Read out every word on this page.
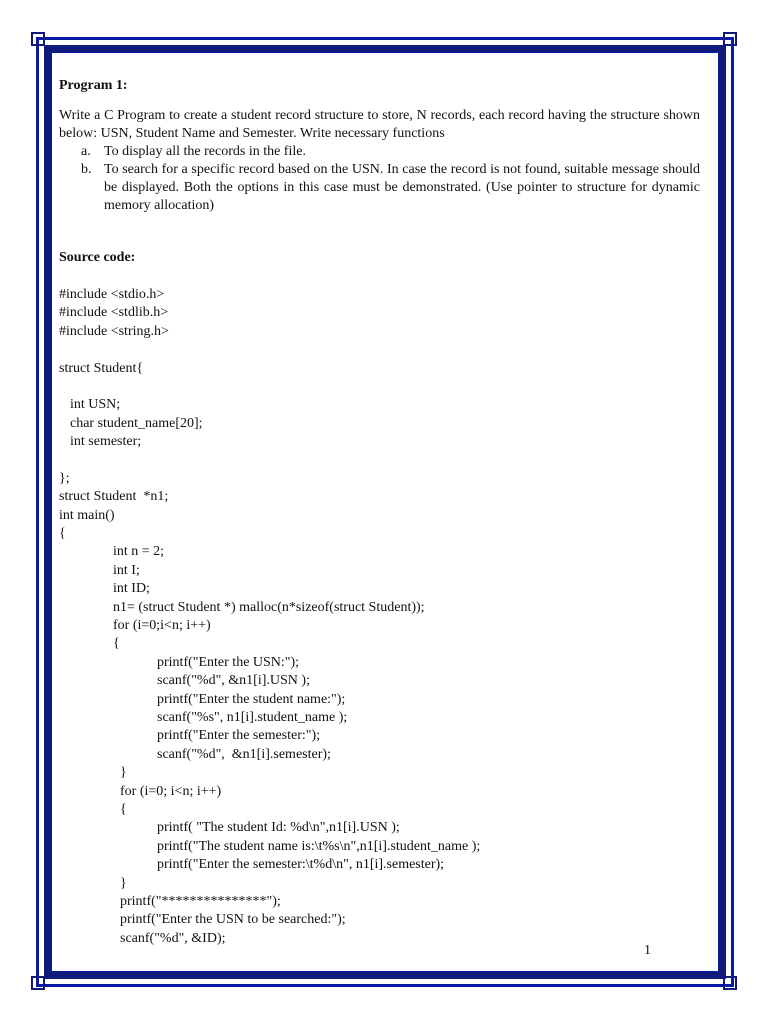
Program 1:

Write a C Program to create a student record structure to store, N records, each record having the structure shown below: USN, Student Name and Semester. Write necessary functions

a. To display all the records in the file.
b. To search for a specific record based on the USN. In case the record is not found, suitable message should be displayed. Both the options in this case must be demonstrated. (Use pointer to structure for dynamic memory allocation)

Source code:

#include <stdio.h>
#include <stdlib.h>
#include <string.h>
struct Student{
int USN;
char student_name[20];
int semester;
};
struct Student  *n1;
int main()
{
int n = 2;
int I;
int ID;
n1= (struct Student *) malloc(n*sizeof(struct Student));
for (i=0;i<n; i++)
{
printf("Enter the USN:");
scanf("%d", &n1[i].USN );
printf("Enter the student name:");
scanf("%s", n1[i].student_name );
printf("Enter the semester:");
scanf("%d",  &n1[i].semester);
}
for (i=0; i<n; i++)
{
printf( "The student Id: %d\n",n1[i].USN );
printf("The student name is:\t%s\n",n1[i].student_name );
printf("Enter the semester:\t%d\n", n1[i].semester);
}
printf("***************");
printf("Enter the USN to be searched:");
scanf("%d", &ID);
1
